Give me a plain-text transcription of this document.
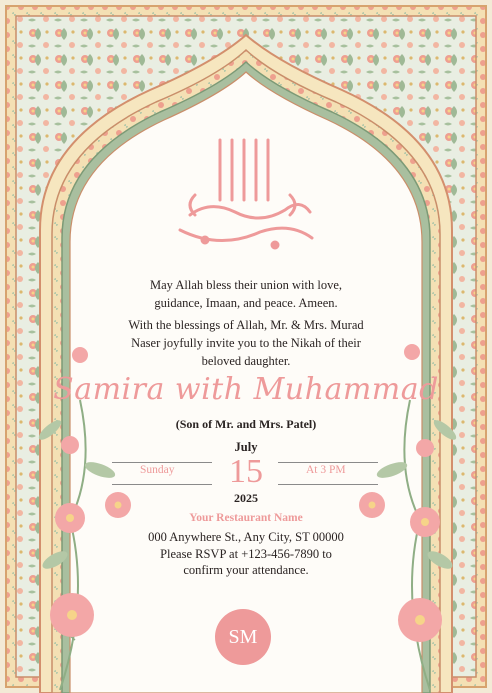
May Allah bless their union with love,
guidance, Imaan, and peace. Ameen.
With the blessings of Allah, Mr. & Mrs. Murad
Naser joyfully invite you to the Nikah of their
beloved daughter.
Samira with Muhammad
(Son of Mr. and Mrs. Patel)
July
Sunday	15	At 3 PM
2025
Your Restaurant Name
000 Anywhere St., Any City, ST 00000
Please RSVP at +123-456-7890 to
confirm your attendance.
SM
